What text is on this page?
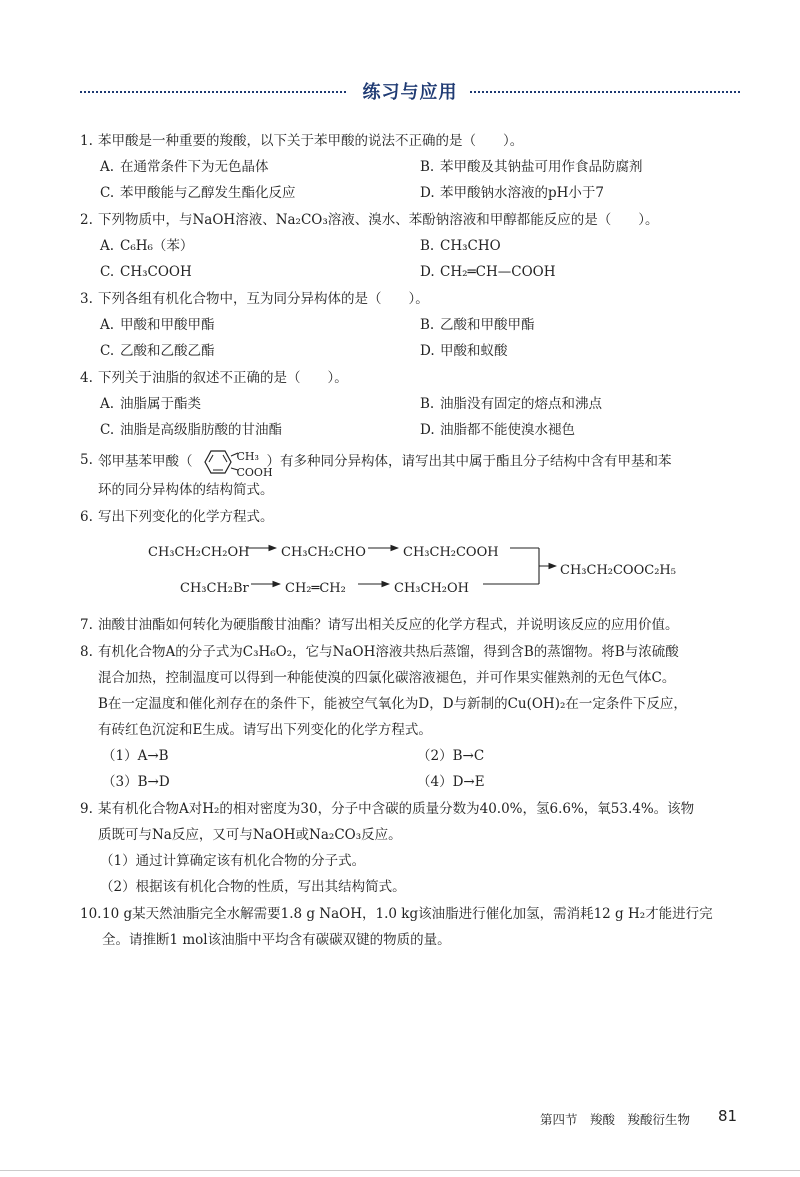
练习与应用
1. 苯甲酸是一种重要的羧酸，以下关于苯甲酸的说法不正确的是（　　）。
A. 在通常条件下为无色晶体	B. 苯甲酸及其钠盐可用作食品防腐剂
C. 苯甲酸能与乙醇发生酯化反应	D. 苯甲酸钠水溶液的pH小于7
2. 下列物质中，与NaOH溶液、Na₂CO₃溶液、溴水、苯酚钠溶液和甲醇都能反应的是（　　）。
A. C₆H₆（苯）	B. CH₃CHO
C. CH₃COOH	D. CH₂═CH—COOH
3. 下列各组有机化合物中，互为同分异构体的是（　　）。
A. 甲酸和甲酸甲酯	B. 乙酸和甲酸甲酯
C. 乙酸和乙酸乙酯	D. 甲酸和蚁酸
4. 下列关于油脂的叙述不正确的是（　　）。
A. 油脂属于酯类	B. 油脂没有固定的熔点和沸点
C. 油脂是高级脂肪酸的甘油酯	D. 油脂都不能使溴水褪色
5. 邻甲基苯甲酸（	CH₃
COOH
）有多种同分异构体，请写出其中属于酯且分子结构中含有甲基和苯
环的同分异构体的结构简式。
6. 写出下列变化的化学方程式。
CH₃CH₂CH₂OH CH₃CH₂CHO	CH₃CH₂COOH
CH₃CH₂Br	CH₂═CH₂	CH₃CH₂OH
CH₃CH₂COOC₂H₅
7. 油酸甘油酯如何转化为硬脂酸甘油酯？请写出相关反应的化学方程式，并说明该反应的应用价值。
8. 有机化合物A的分子式为C₃H₆O₂，它与NaOH溶液共热后蒸馏，得到含B的蒸馏物。将B与浓硫酸
混合加热，控制温度可以得到一种能使溴的四氯化碳溶液褪色，并可作果实催熟剂的无色气体C。
B在一定温度和催化剂存在的条件下，能被空气氧化为D，D与新制的Cu(OH)₂在一定条件下反应，
有砖红色沉淀和E生成。请写出下列变化的化学方程式。
（1）A→B	（2）B→C
（3）B→D	（4）D→E
9. 某有机化合物A对H₂的相对密度为30，分子中含碳的质量分数为40.0%，氢6.6%，氧53.4%。该物
质既可与Na反应，又可与NaOH或Na₂CO₃反应。
（1）通过计算确定该有机化合物的分子式。
（2）根据该有机化合物的性质，写出其结构简式。
10. 10 g某天然油脂完全水解需要1.8 g NaOH，1.0 kg该油脂进行催化加氢，需消耗12 g H₂才能进行完
全。请推断1 mol该油脂中平均含有碳碳双键的物质的量。
第四节　羧酸　羧酸衍生物 81
